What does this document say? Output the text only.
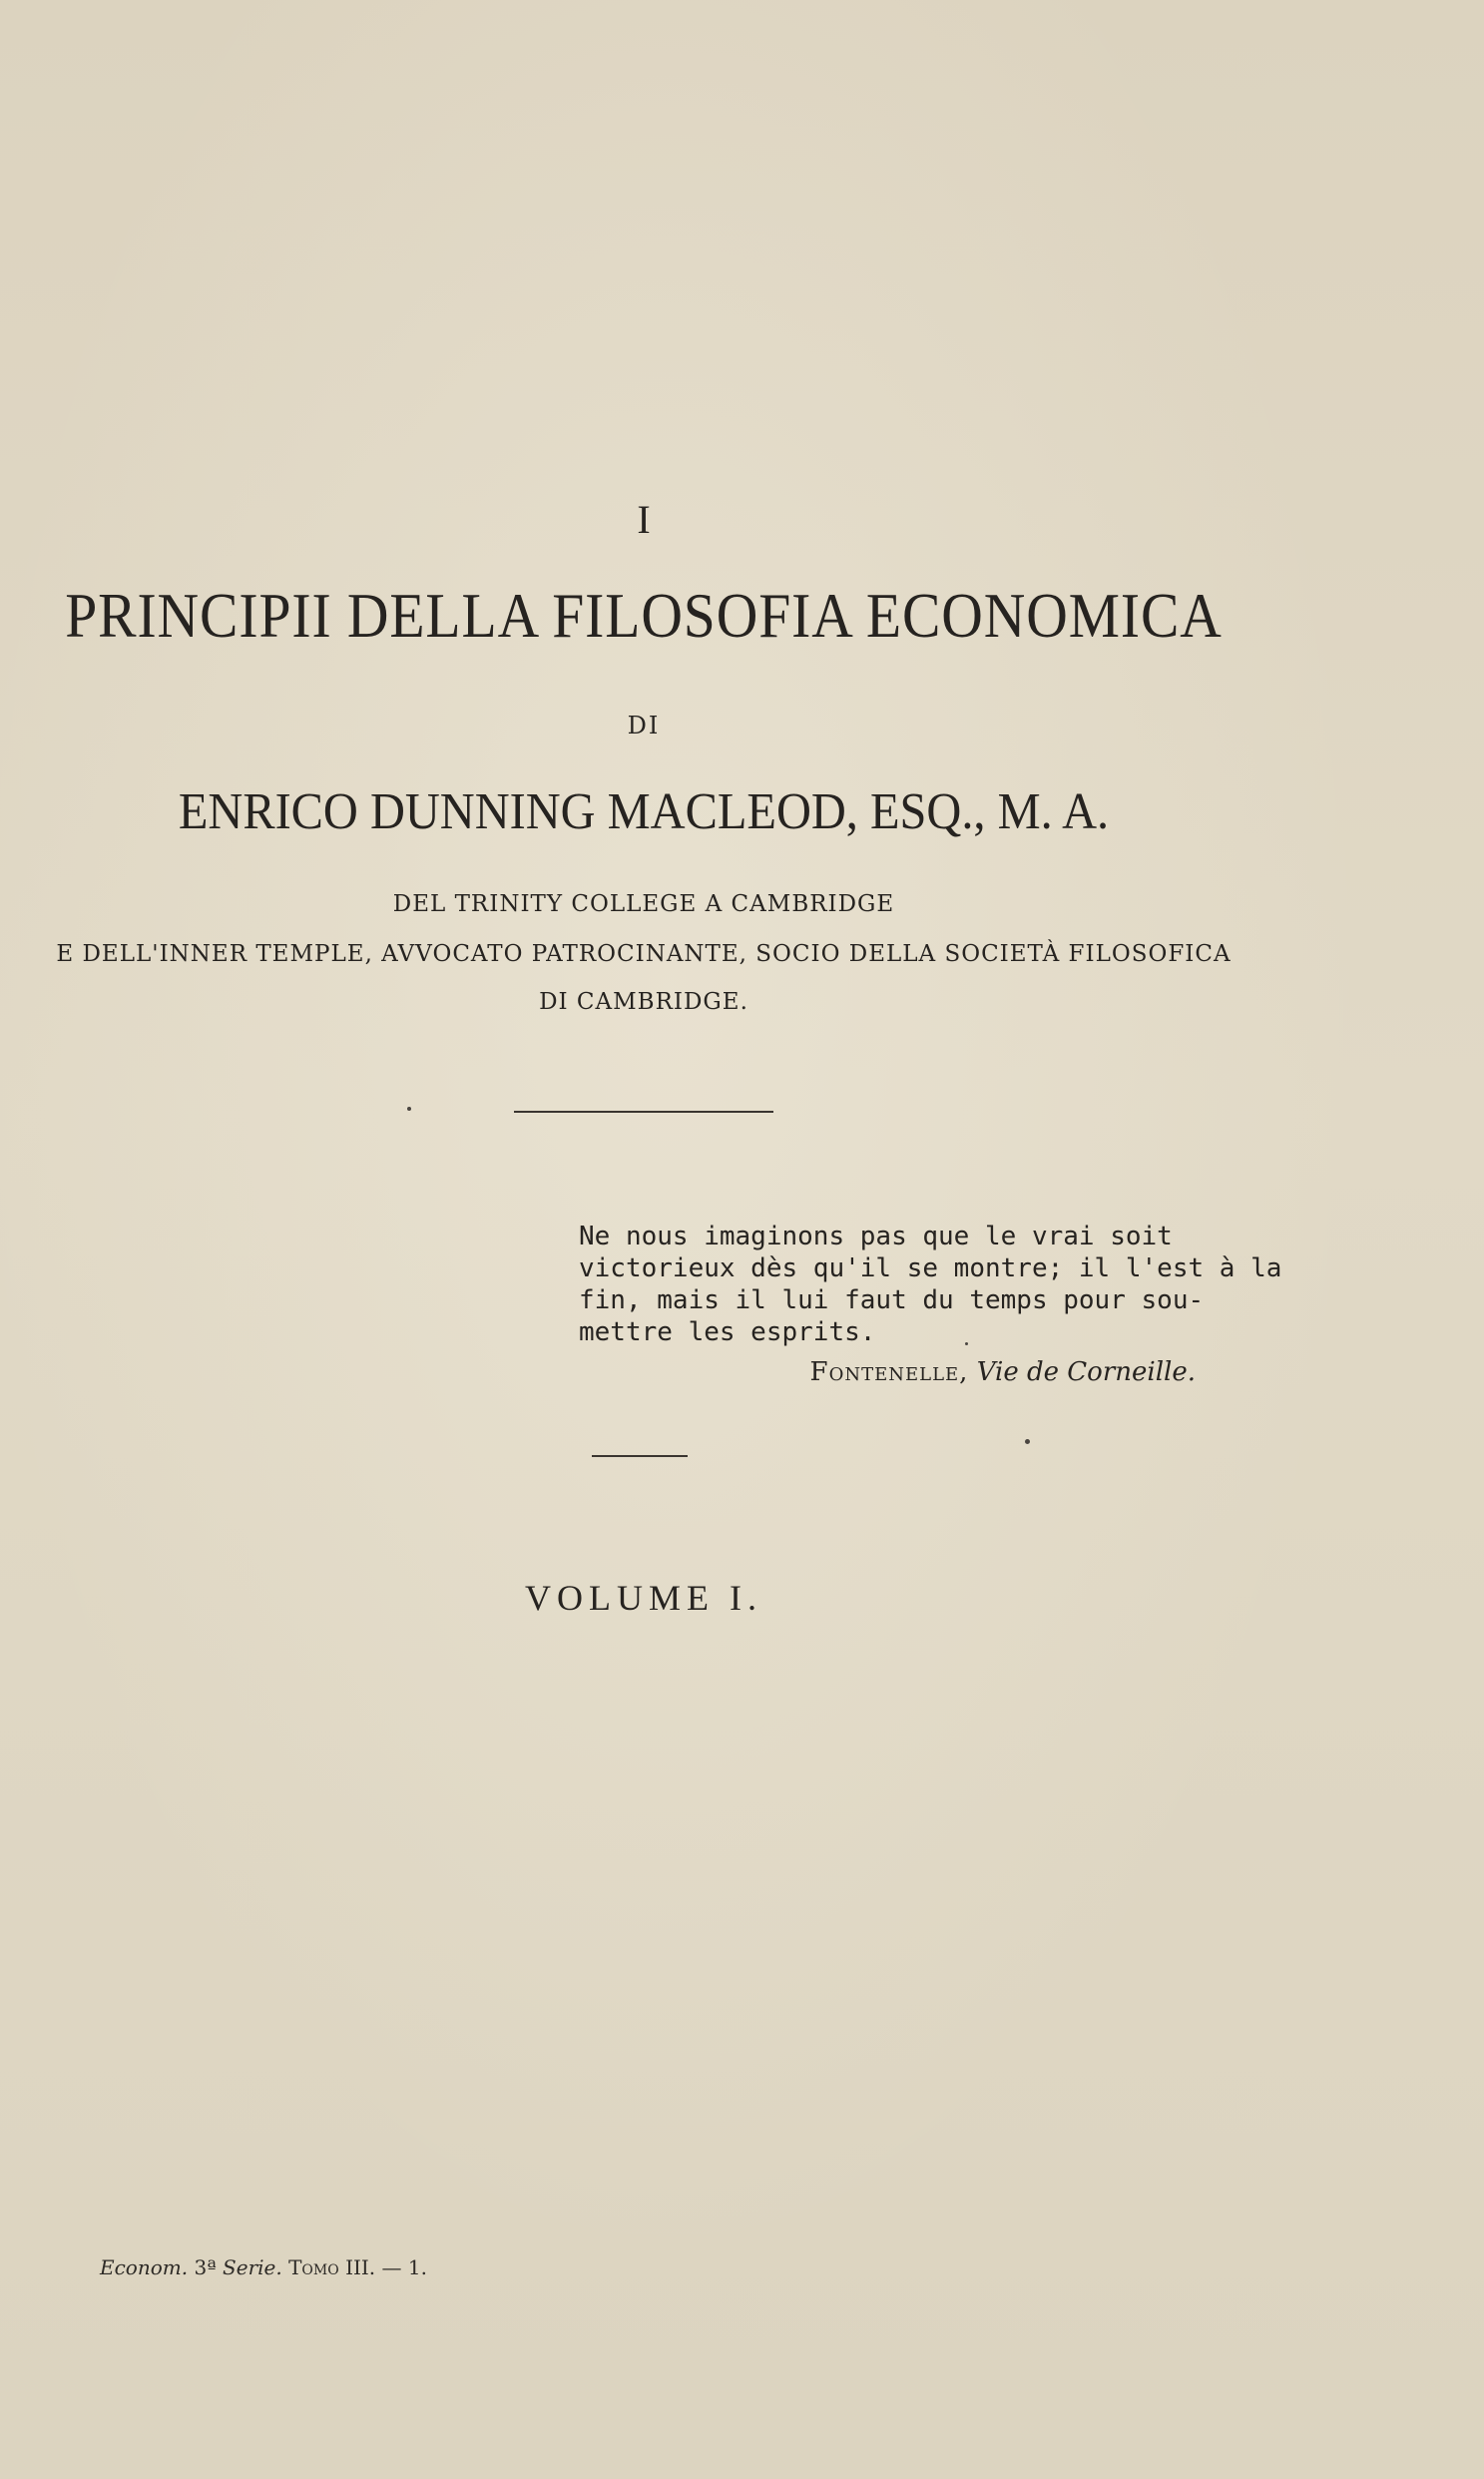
I
PRINCIPII DELLA FILOSOFIA ECONOMICA
DI
ENRICO DUNNING MACLEOD, ESQ., M. A.
DEL TRINITY COLLEGE A CAMBRIDGE
E DELL'INNER TEMPLE, AVVOCATO PATROCINANTE, SOCIO DELLA SOCIETÀ FILOSOFICA
DI CAMBRIDGE.
Ne nous imaginons pas que le vrai soit
victorieux dès qu'il se montre; il l'est à la
fin, mais il lui faut du temps pour sou-
mettre les esprits.
Fontenelle, Vie de Corneille.
VOLUME I.
Econom. 3ª Serie. Tomo III. — 1.
